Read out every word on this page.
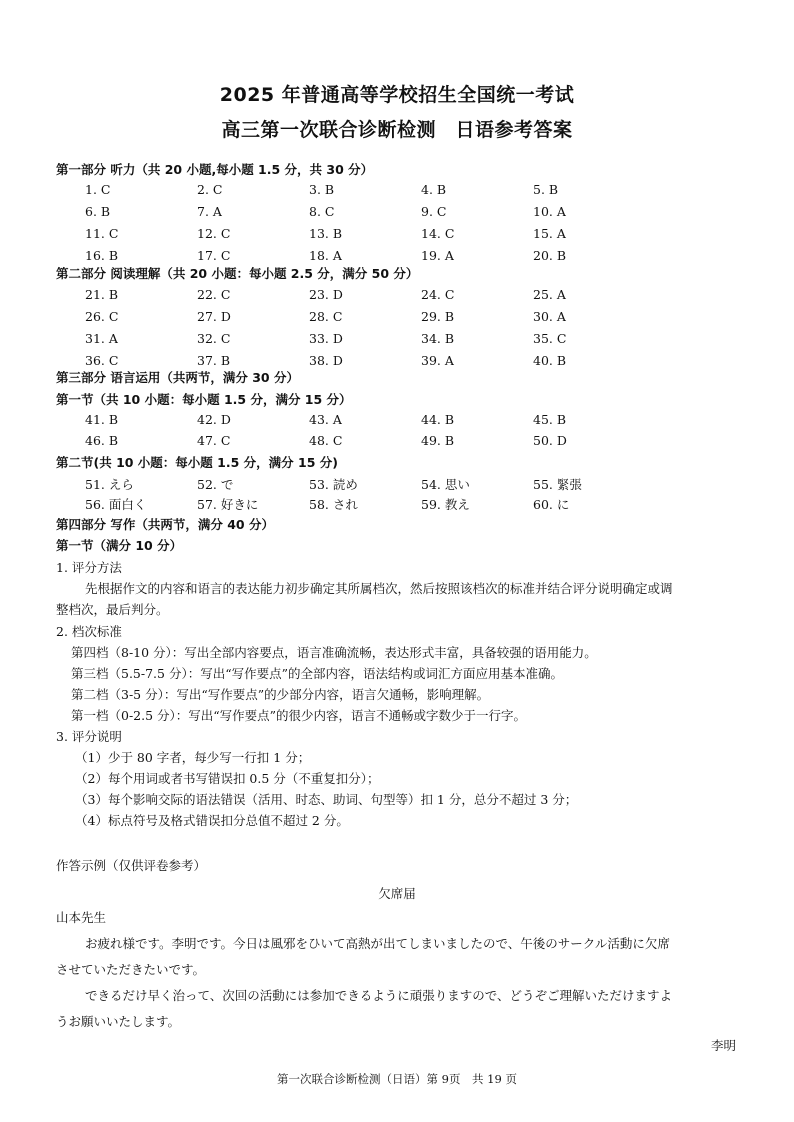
2025 年普通高等学校招生全国统一考试
高三第一次联合诊断检测　日语参考答案
第一部分 听力（共 20 小题,每小题 1.5 分，共 30 分）
1. C	2. C	3. B	4. B	5. B
6. B	7. A	8. C	9. C	10. A
11. C	12. C	13. B	14. C	15. A
16. B	17. C	18. A	19. A	20. B
第二部分 阅读理解（共 20 小题：每小题 2.5 分，满分 50 分）
21. B	22. C	23. D	24. C	25. A
26. C	27. D	28. C	29. B	30. A
31. A	32. C	33. D	34. B	35. C
36. C	37. B	38. D	39. A	40. B
第三部分 语言运用（共两节，满分 30 分）
第一节（共 10 小题：每小题 1.5 分，满分 15 分）
41. B	42. D	43. A	44. B	45. B
46. B	47. C	48. C	49. B	50. D
第二节(共 10 小题：每小题 1.5 分，满分 15 分)
51. えら	52. で	53. 読め	54. 思い	55. 緊張
56. 面白く	57. 好きに	58. され	59. 教え	60. に
第四部分 写作（共两节，满分 40 分）
第一节（满分 10 分）
1. 评分方法
先根据作文的内容和语言的表达能力初步确定其所属档次，然后按照该档次的标准并结合评分说明确定或调
整档次，最后判分。
2. 档次标准
第四档（8-10 分）：写出全部内容要点，语言准确流畅，表达形式丰富，具备较强的语用能力。
第三档（5.5-7.5 分）：写出“写作要点”的全部内容，语法结构或词汇方面应用基本准确。
第二档（3-5 分）：写出“写作要点”的少部分内容，语言欠通畅，影响理解。
第一档（0-2.5 分）：写出“写作要点”的很少内容，语言不通畅或字数少于一行字。
3. 评分说明
（1）少于 80 字者，每少写一行扣 1 分；
（2）每个用词或者书写错误扣 0.5 分（不重复扣分）；
（3）每个影响交际的语法错误（活用、时态、助词、句型等）扣 1 分，总分不超过 3 分；
（4）标点符号及格式错误扣分总值不超过 2 分。
作答示例（仅供评卷参考）
欠席届
山本先生
お疲れ様です。李明です。今日は風邪をひいて高熱が出てしまいましたので、午後のサークル活動に欠席
させていただきたいです。
できるだけ早く治って、次回の活動には参加できるように頑張りますので、どうぞご理解いただけますよ
うお願いいたします。
李明
第一次联合诊断检测（日语）第 9页　共 19 页
